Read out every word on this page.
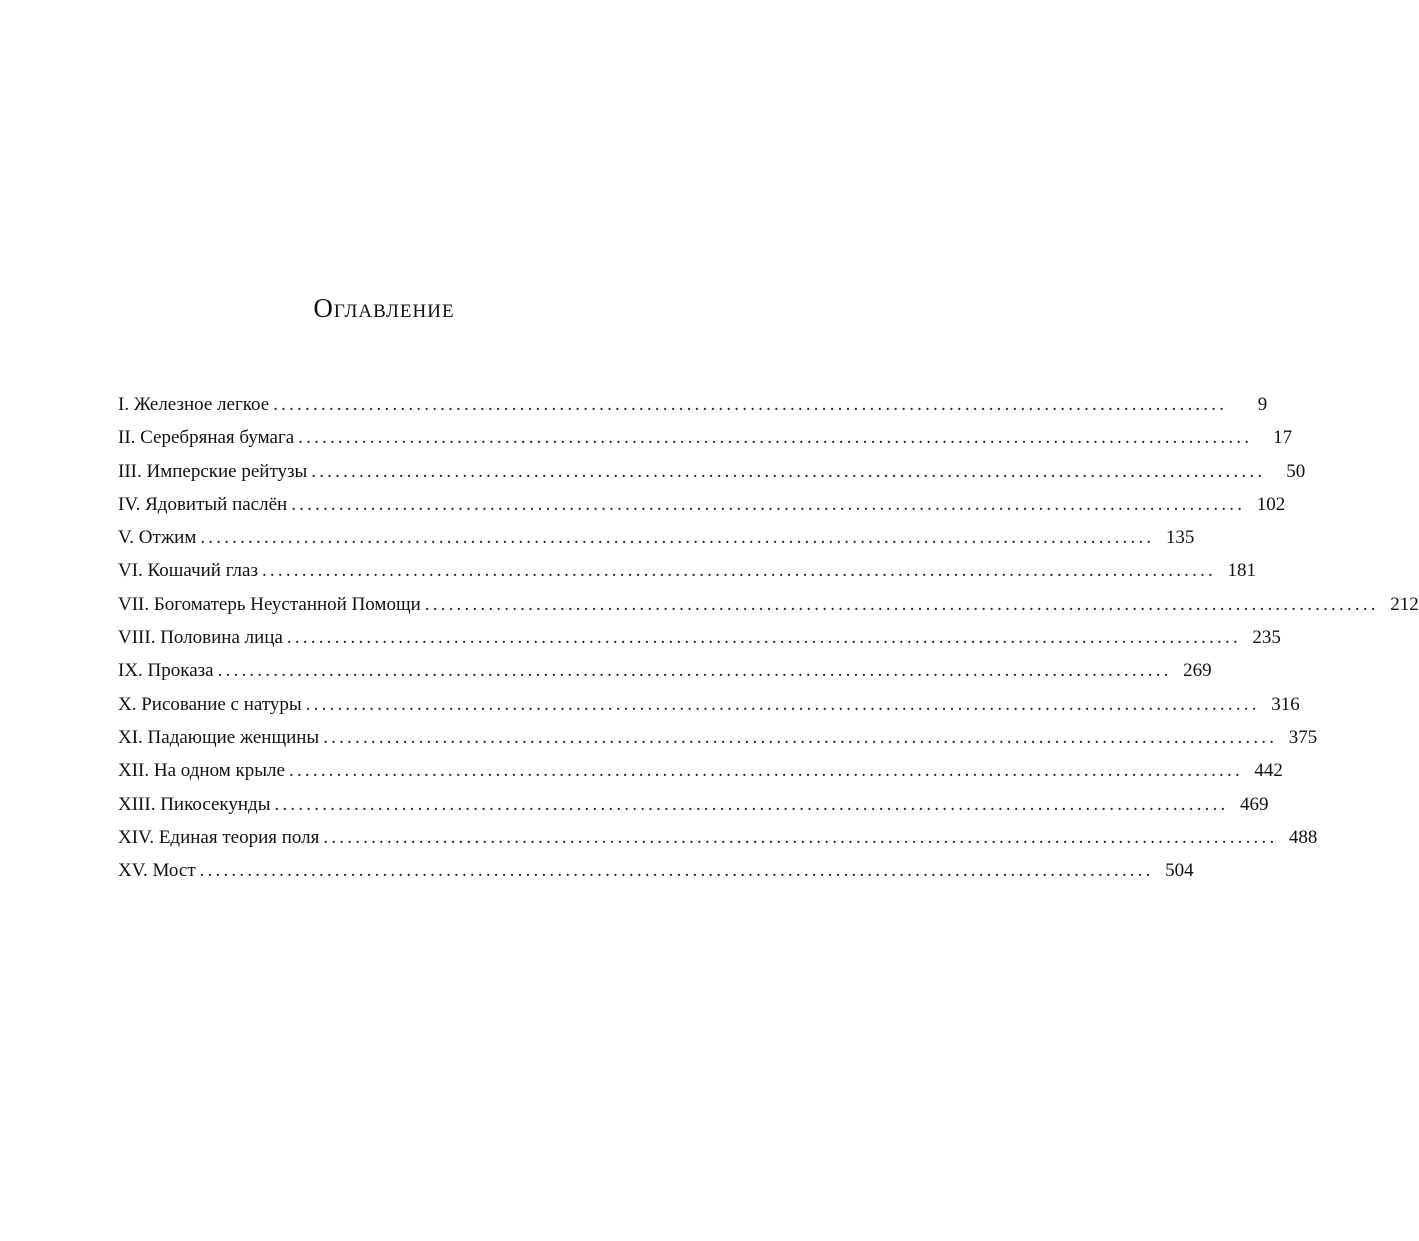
Оглавление
I. Железное легкое ........................................................................................................................	9
II. Серебряная бумага ........................................................................................................................	17
III. Имперские рейтузы ........................................................................................................................	50
IV. Ядовитый паслён ........................................................................................................................ 102
V. Отжим ........................................................................................................................ 135
VI. Кошачий глаз ........................................................................................................................ 181
VII. Богоматерь Неустанной Помощи ........................................................................................................................ 212
VIII. Половина лица ........................................................................................................................ 235
IX. Проказа ........................................................................................................................ 269
X. Рисование с натуры ........................................................................................................................ 316
XI. Падающие женщины ........................................................................................................................ 375
XII. На одном крыле ........................................................................................................................ 442
XIII. Пикосекунды ........................................................................................................................ 469
XIV. Единая теория поля ........................................................................................................................ 488
XV. Мост ........................................................................................................................ 504
